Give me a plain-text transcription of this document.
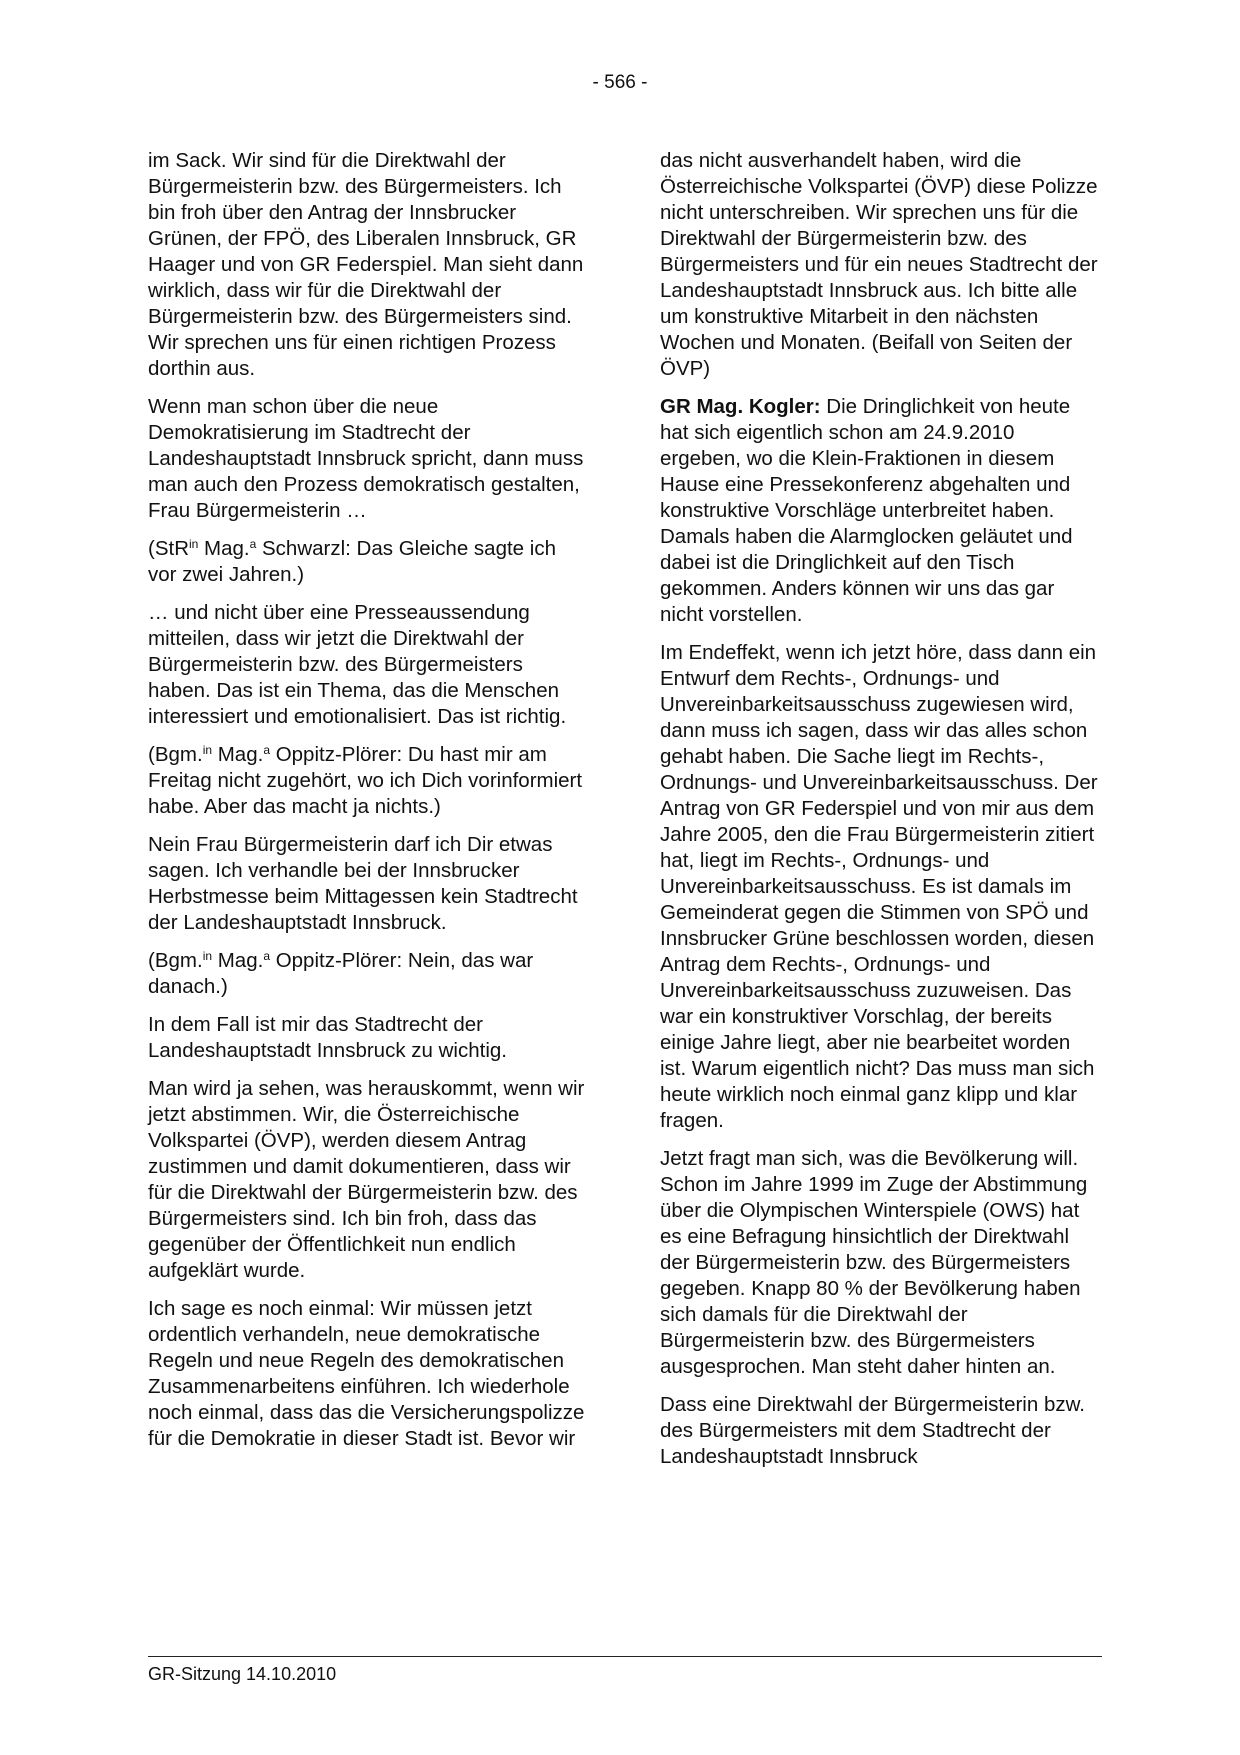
- 566 -

im Sack. Wir sind für die Direktwahl der Bürgermeisterin bzw. des Bürgermeisters. Ich bin froh über den Antrag der Innsbrucker Grünen, der FPÖ, des Liberalen Innsbruck, GR Haager und von GR Federspiel. Man sieht dann wirklich, dass wir für die Direktwahl der Bürgermeisterin bzw. des Bürgermeisters sind. Wir sprechen uns für einen richtigen Prozess dorthin aus.

Wenn man schon über die neue Demokratisierung im Stadtrecht der Landeshauptstadt Innsbruck spricht, dann muss man auch den Prozess demokratisch gestalten, Frau Bürgermeisterin …

(StR$^{in}$ Mag.$^a$ Schwarzl: Das Gleiche sagte ich vor zwei Jahren.)

… und nicht über eine Presseaussendung mitteilen, dass wir jetzt die Direktwahl der Bürgermeisterin bzw. des Bürgermeisters haben. Das ist ein Thema, das die Menschen interessiert und emotionalisiert. Das ist richtig.

(Bgm.$^{in}$ Mag.$^a$ Oppitz-Plörer: Du hast mir am Freitag nicht zugehört, wo ich Dich vorinformiert habe. Aber das macht ja nichts.)

Nein Frau Bürgermeisterin darf ich Dir etwas sagen. Ich verhandle bei der Innsbrucker Herbstmesse beim Mittagessen kein Stadtrecht der Landeshauptstadt Innsbruck.

(Bgm.$^{in}$ Mag.$^a$ Oppitz-Plörer: Nein, das war danach.)

In dem Fall ist mir das Stadtrecht der Landeshauptstadt Innsbruck zu wichtig.

Man wird ja sehen, was herauskommt, wenn wir jetzt abstimmen. Wir, die Österreichische Volkspartei (ÖVP), werden diesem Antrag zustimmen und damit dokumentieren, dass wir für die Direktwahl der Bürgermeisterin bzw. des Bürgermeisters sind. Ich bin froh, dass das gegenüber der Öffentlichkeit nun endlich aufgeklärt wurde.

Ich sage es noch einmal: Wir müssen jetzt ordentlich verhandeln, neue demokratische Regeln und neue Regeln des demokratischen Zusammenarbeitens einführen. Ich wiederhole noch einmal, dass das die Versicherungspolizze für die Demokratie in dieser Stadt ist. Bevor wir

das nicht ausverhandelt haben, wird die Österreichische Volkspartei (ÖVP) diese Polizze nicht unterschreiben. Wir sprechen uns für die Direktwahl der Bürgermeisterin bzw. des Bürgermeisters und für ein neues Stadtrecht der Landeshauptstadt Innsbruck aus. Ich bitte alle um konstruktive Mitarbeit in den nächsten Wochen und Monaten. (Beifall von Seiten der ÖVP)

GR Mag. Kogler: Die Dringlichkeit von heute hat sich eigentlich schon am 24.9.2010 ergeben, wo die Klein-Fraktionen in diesem Hause eine Pressekonferenz abgehalten und konstruktive Vorschläge unterbreitet haben. Damals haben die Alarmglocken geläutet und dabei ist die Dringlichkeit auf den Tisch gekommen. Anders können wir uns das gar nicht vorstellen.

Im Endeffekt, wenn ich jetzt höre, dass dann ein Entwurf dem Rechts-, Ordnungs- und Unvereinbarkeitsausschuss zugewiesen wird, dann muss ich sagen, dass wir das alles schon gehabt haben. Die Sache liegt im Rechts-, Ordnungs- und Unvereinbarkeitsausschuss. Der Antrag von GR Federspiel und von mir aus dem Jahre 2005, den die Frau Bürgermeisterin zitiert hat, liegt im Rechts-, Ordnungs- und Unvereinbarkeitsausschuss. Es ist damals im Gemeinderat gegen die Stimmen von SPÖ und Innsbrucker Grüne beschlossen worden, diesen Antrag dem Rechts-, Ordnungs- und Unvereinbarkeitsausschuss zuzuweisen. Das war ein konstruktiver Vorschlag, der bereits einige Jahre liegt, aber nie bearbeitet worden ist. Warum eigentlich nicht? Das muss man sich heute wirklich noch einmal ganz klipp und klar fragen.

Jetzt fragt man sich, was die Bevölkerung will. Schon im Jahre 1999 im Zuge der Abstimmung über die Olympischen Winterspiele (OWS) hat es eine Befragung hinsichtlich der Direktwahl der Bürgermeisterin bzw. des Bürgermeisters gegeben. Knapp 80 % der Bevölkerung haben sich damals für die Direktwahl der Bürgermeisterin bzw. des Bürgermeisters ausgesprochen. Man steht daher hinten an.

Dass eine Direktwahl der Bürgermeisterin bzw. des Bürgermeisters mit dem Stadtrecht der Landeshauptstadt Innsbruck

GR-Sitzung 14.10.2010
